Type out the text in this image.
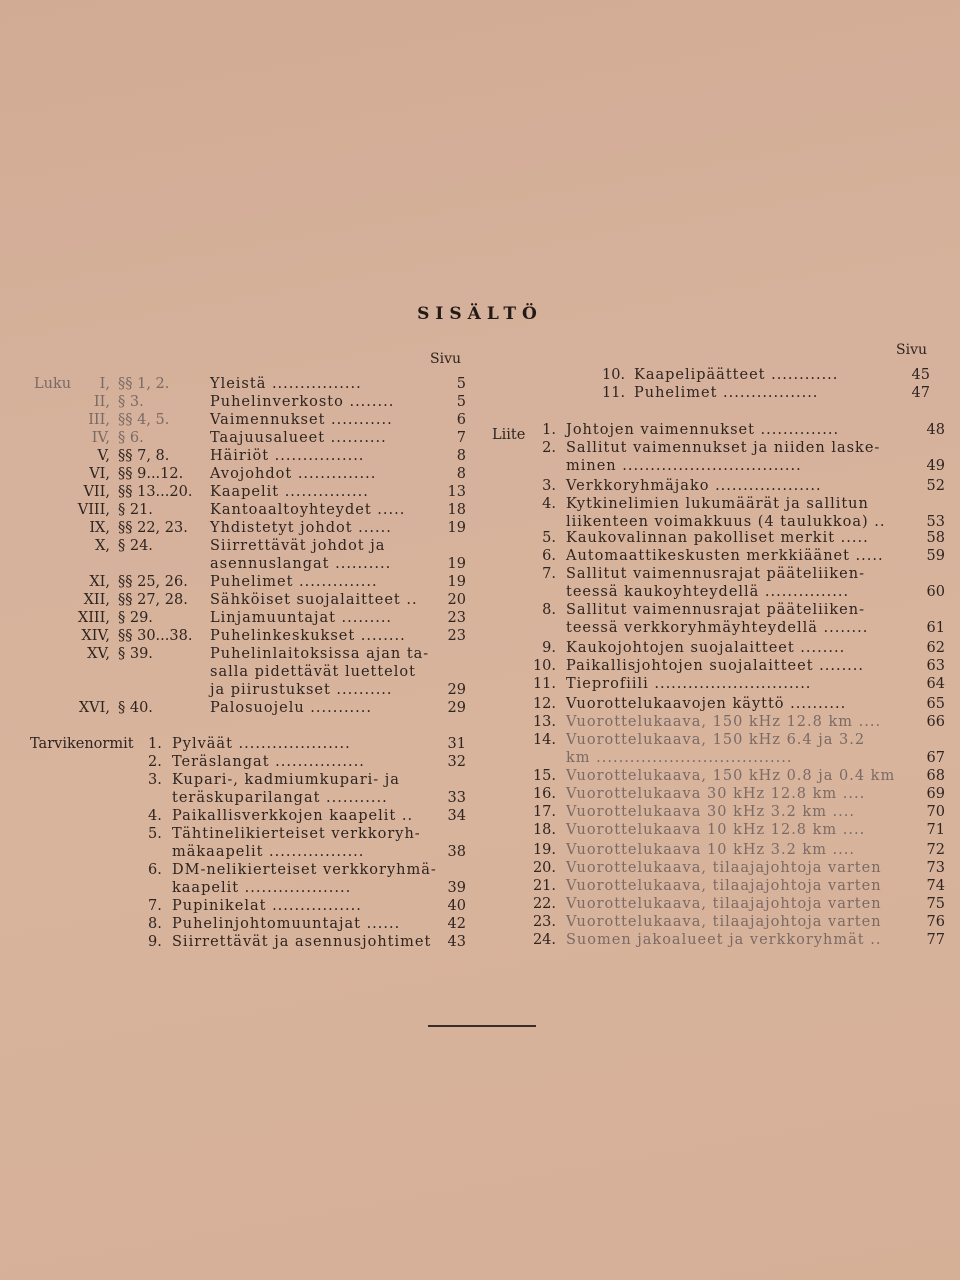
SISÄLTÖ
Sivu
Luku
Tarvikenormit
I, §§ 1, 2.	Yleistä ................	5
II, § 3.	Puhelinverkosto ........	5
III, §§ 4, 5.	Vaimennukset ...........	6
IV, § 6.	Taajuusalueet ..........	7
V, §§ 7, 8.	Häiriöt ................	8
VI, §§ 9...12. Avojohdot ..............	8
VII, §§ 13...20. Kaapelit ...............	13
VIII, § 21.	Kantoaaltoyhteydet .....	18
IX, §§ 22, 23. Yhdistetyt johdot ......	19
X, § 24.	Siirrettävät johdot ja
asennuslangat ..........	19
XI, §§ 25, 26. Puhelimet ..............	19
XII, §§ 27, 28. Sähköiset suojalaitteet ..	20
XIII, § 29.	Linjamuuntajat .........	23
XIV, §§ 30...38. Puhelinkeskukset ........	23
XV, § 39.	Puhelinlaitoksissa ajan ta-
salla pidettävät luettelot
ja piirustukset ..........	29
XVI, § 40.	Palosuojelu ...........	29
1. Pylväät ....................	31
2. Teräslangat ................	32
3. Kupari-, kadmiumkupari- ja
teräskuparilangat ...........	33
4. Paikallisverkkojen kaapelit ..	34
5. Tähtinelikierteiset verkkoryh-
mäkaapelit .................	38
6. DM-nelikierteiset verkkoryhmä-
kaapelit ...................	39
7. Pupinikelat ................	40
8. Puhelinjohtomuuntajat ......	42
9. Siirrettävät ja asennusjohtimet	43
Sivu
Liite
10. Kaapelipäätteet ............	45
11. Puhelimet .................	47
1. Johtojen vaimennukset ..............	48
2. Sallitut vaimennukset ja niiden laske-
minen ................................	49
3. Verkkoryhmäjako ...................	52
4. Kytkinelimien lukumäärät ja sallitun
liikenteen voimakkuus (4 taulukkoa) ..	53
5. Kaukovalinnan pakolliset merkit .....	58
6. Automaattikeskusten merkkiäänet .....	59
7. Sallitut vaimennusrajat pääteliiken-
teessä kaukoyhteydellä ...............	60
8. Sallitut vaimennusrajat pääteliiken-
teessä verkkoryhmäyhteydellä ........	61
9. Kaukojohtojen suojalaitteet ........	62
10. Paikallisjohtojen suojalaitteet ........	63
11. Tieprofiili ............................	64
12. Vuorottelukaavojen käyttö ..........	65
13. Vuorottelukaava, 150 kHz 12.8 km ....	66
14. Vuorottelukaava, 150 kHz 6.4 ja 3.2
km ...................................	67
15. Vuorottelukaava, 150 kHz 0.8 ja 0.4 km	68
16. Vuorottelukaava 30 kHz 12.8 km ....	69
17. Vuorottelukaava 30 kHz 3.2 km ....	70
18. Vuorottelukaava 10 kHz 12.8 km ....	71
19. Vuorottelukaava 10 kHz 3.2 km ....	72
20. Vuorottelukaava, tilaajajohtoja varten	73
21. Vuorottelukaava, tilaajajohtoja varten	74
22. Vuorottelukaava, tilaajajohtoja varten	75
23. Vuorottelukaava, tilaajajohtoja varten	76
24. Suomen jakoalueet ja verkkoryhmät ..	77
